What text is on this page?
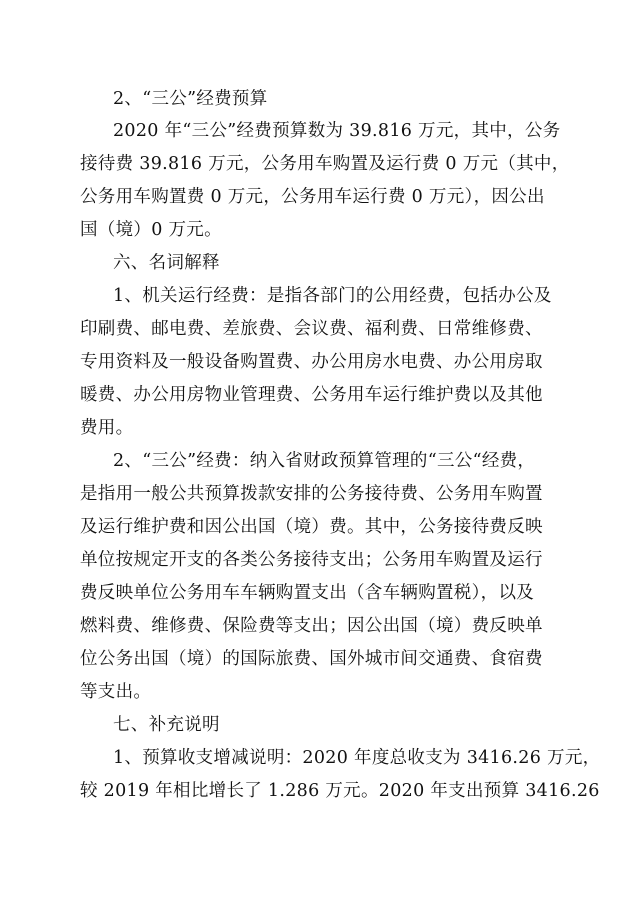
2、“三公”经费预算
2020 年“三公”经费预算数为 39.816 万元，其中，公务
接待费 39.816 万元，公务用车购置及运行费 0 万元（其中，
公务用车购置费 0 万元，公务用车运行费 0 万元），因公出
国（境）0 万元。
六、名词解释
1、机关运行经费：是指各部门的公用经费，包括办公及
印刷费、邮电费、差旅费、会议费、福利费、日常维修费、
专用资料及一般设备购置费、办公用房水电费、办公用房取
暖费、办公用房物业管理费、公务用车运行维护费以及其他
费用。
2、“三公”经费：纳入省财政预算管理的“三公“经费，
是指用一般公共预算拨款安排的公务接待费、公务用车购置
及运行维护费和因公出国（境）费。其中，公务接待费反映
单位按规定开支的各类公务接待支出；公务用车购置及运行
费反映单位公务用车车辆购置支出（含车辆购置税），以及
燃料费、维修费、保险费等支出；因公出国（境）费反映单
位公务出国（境）的国际旅费、国外城市间交通费、食宿费
等支出。
七、补充说明
1、预算收支增减说明：2020 年度总收支为 3416.26 万元，
较 2019 年相比增长了 1.286 万元。2020 年支出预算 3416.26
